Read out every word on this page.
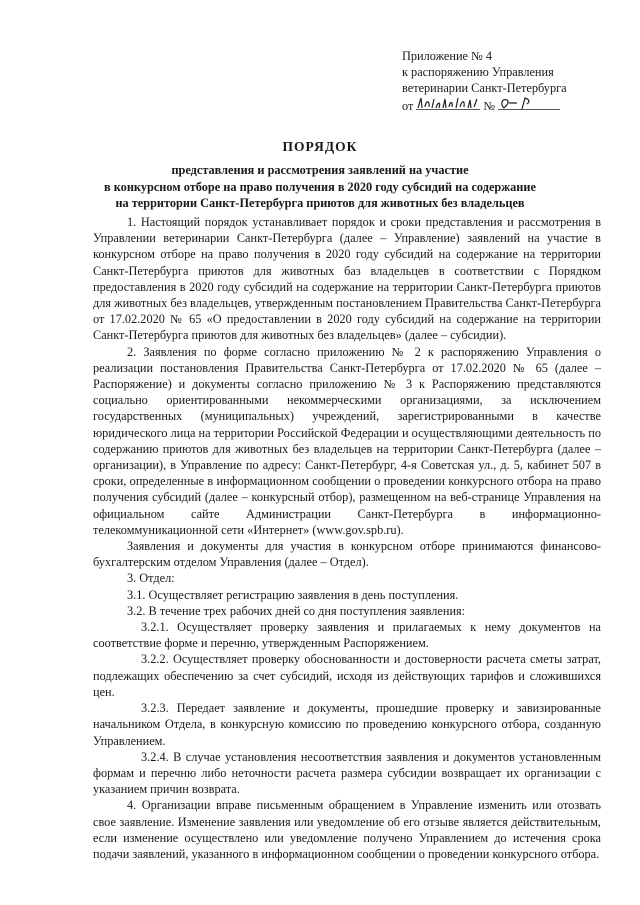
Приложение № 4
к распоряжению Управления
ветеринарии Санкт-Петербурга
от	№
ПОРЯДОК
представления и рассмотрения заявлений на участие
в конкурсном отборе на право получения в 2020 году субсидий на содержание
на территории Санкт-Петербурга приютов для животных без владельцев

1. Настоящий порядок устанавливает порядок и сроки представления и рассмотрения в Управлении ветеринарии Санкт-Петербурга (далее – Управление) заявлений на участие в конкурсном отборе на право получения в 2020 году субсидий на содержание на территории Санкт-Петербурга приютов для животных баз владельцев в соответствии с Порядком предоставления в 2020 году субсидий на содержание на территории Санкт-Петербурга приютов для животных без владельцев, утвержденным постановлением Правительства Санкт-Петербурга от 17.02.2020 № 65 «О предоставлении в 2020 году субсидий на содержание на территории Санкт-Петербурга приютов для животных без владельцев» (далее – субсидии).

2. Заявления по форме согласно приложению № 2 к распоряжению Управления о реализации постановления Правительства Санкт-Петербурга от 17.02.2020 № 65 (далее – Распоряжение) и документы согласно приложению № 3 к Распоряжению представляются социально ориентированными некоммерческими организациями, за исключением государственных (муниципальных) учреждений, зарегистрированными в качестве юридического лица на территории Российской Федерации и осуществляющими деятельность по содержанию приютов для животных без владельцев на территории Санкт-Петербурга (далее – организации), в Управление по адресу: Санкт-Петербург, 4-я Советская ул., д. 5, кабинет 507 в сроки, определенные в информационном сообщении о проведении конкурсного отбора на право получения субсидий (далее – конкурсный отбор), размещенном на веб-странице Управления на официальном сайте Администрации Санкт-Петербурга в информационно-телекоммуникационной сети «Интернет» (www.gov.spb.ru).

Заявления и документы для участия в конкурсном отборе принимаются финансово-бухгалтерским отделом Управления (далее – Отдел).

3. Отдел:

3.1. Осуществляет регистрацию заявления в день поступления.

3.2. В течение трех рабочих дней со дня поступления заявления:

3.2.1. Осуществляет проверку заявления и прилагаемых к нему документов на соответствие форме и перечню, утвержденным Распоряжением.

3.2.2. Осуществляет проверку обоснованности и достоверности расчета сметы затрат, подлежащих обеспечению за счет субсидий, исходя из действующих тарифов и сложившихся цен.

3.2.3. Передает заявление и документы, прошедшие проверку и завизированные начальником Отдела, в конкурсную комиссию по проведению конкурсного отбора, созданную Управлением.

3.2.4. В случае установления несоответствия заявления и документов установленным формам и перечню либо неточности расчета размера субсидии возвращает их организации с указанием причин возврата.

4. Организации вправе письменным обращением в Управление изменить или отозвать свое заявление. Изменение заявления или уведомление об его отзыве является действительным, если изменение осуществлено или уведомление получено Управлением до истечения срока подачи заявлений, указанного в информационном сообщении о проведении конкурсного отбора.
